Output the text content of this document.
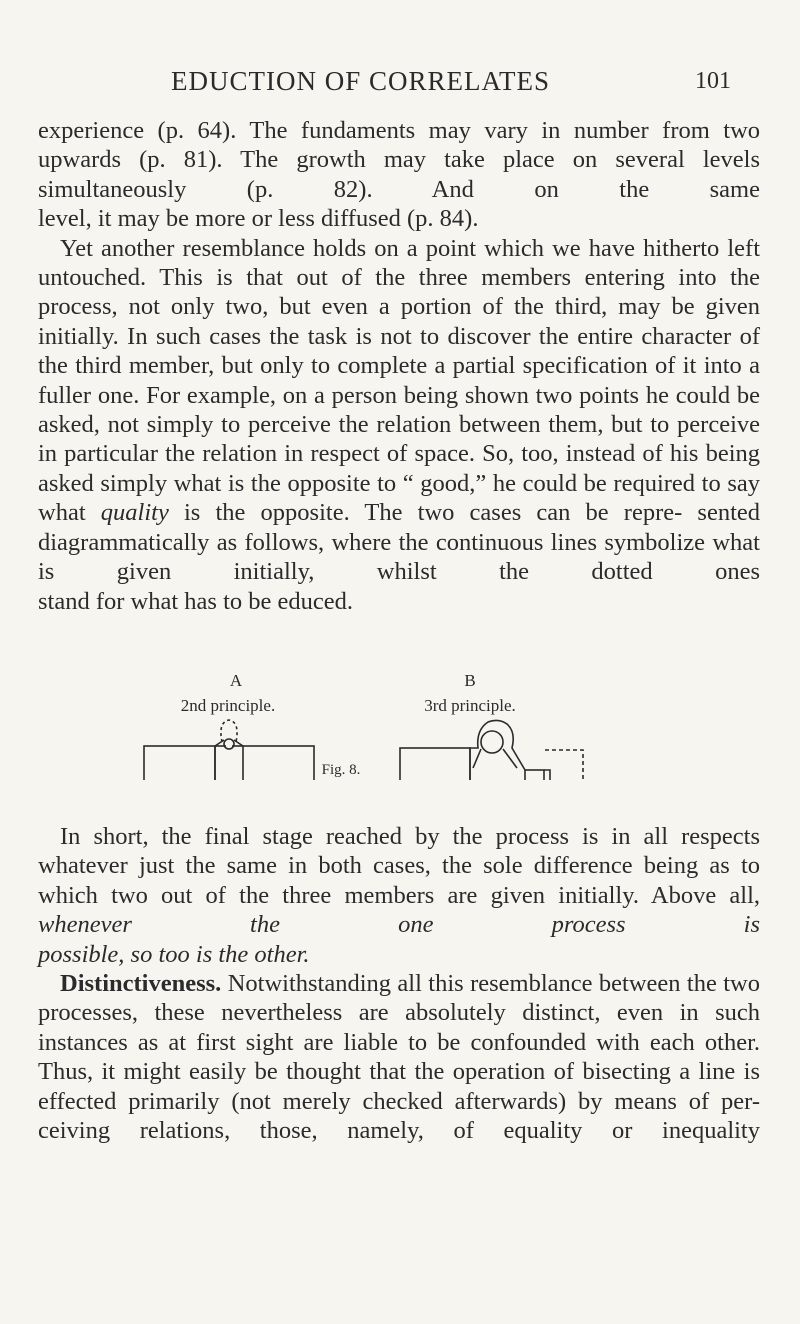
EDUCTION OF CORRELATES	101

experience (p. 64). The fundaments may vary in number from two upwards (p. 81). The growth may take place on several levels simultaneously (p. 82). And on the same

level, it may be more or less diffused (p. 84).

Yet another resemblance holds on a point which we have hitherto left untouched. This is that out of the three members entering into the process, not only two, but even a portion of the third, may be given initially. In such cases the task is not to discover the entire character of the third member, but only to complete a partial specification of it into a fuller one. For example, on a person being shown two points he could be asked, not simply to perceive the relation between them, but to perceive in particular the relation in respect of space. So, too, instead of his being asked simply what is the opposite to “ good,” he could be required to say what quality is the opposite. The two cases can be repre- sented diagrammatically as follows, where the continuous lines symbolize what is given initially, whilst the dotted ones

stand for what has to be educed.

A
2nd principle.
B
3rd principle.
Fig. 8.

In short, the final stage reached by the process is in all respects whatever just the same in both cases, the sole difference being as to which two out of the three members are given initially. Above all, whenever the one process is

possible, so too is the other.

Distinctiveness. Notwithstanding all this resemblance between the two processes, these nevertheless are absolutely distinct, even in such instances as at first sight are liable to be confounded with each other. Thus, it might easily be thought that the operation of bisecting a line is effected primarily (not merely checked afterwards) by means of per- ceiving relations, those, namely, of equality or inequality
